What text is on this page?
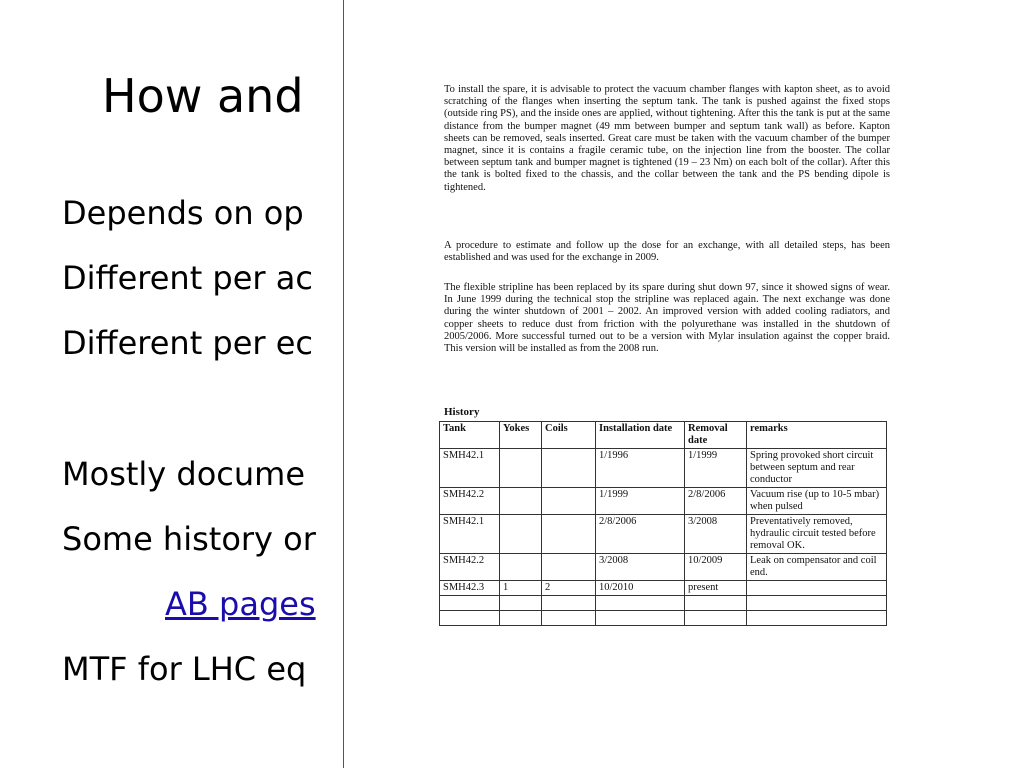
How and
Depends on op
Different per ac
Different per ec
Mostly docume
Some history or
AB pages
MTF for LHC eq

To install the spare, it is advisable to protect the vacuum chamber flanges with kapton sheet, as to avoid scratching of the flanges when inserting the septum tank. The tank is pushed against the fixed stops (outside ring PS), and the inside ones are applied, without tightening. After this the tank is put at the same distance from the bumper magnet (49 mm between bumper and septum tank wall) as before. Kapton sheets can be removed, seals inserted. Great care must be taken with the vacuum chamber of the bumper magnet, since it is contains a fragile ceramic tube, on the injection line from the booster. The collar between septum tank and bumper magnet is tightened (19 – 23 Nm) on each bolt of the collar). After this the tank is bolted fixed to the chassis, and the collar between the tank and the PS bending dipole is tightened.

A procedure to estimate and follow up the dose for an exchange, with all detailed steps, has been established and was used for the exchange in 2009.

The flexible stripline has been replaced by its spare during shut down 97, since it showed signs of wear. In June 1999 during the technical stop the stripline was replaced again. The next exchange was done during the winter shutdown of 2001 – 2002. An improved version with added cooling radiators, and copper sheets to reduce dust from friction with the polyurethane was installed in the shutdown of 2005/2006. More successful turned out to be a version with Mylar insulation against the copper braid. This version will be installed as from the 2008 run.

History
Tank	Yokes	Coils	Installation date	Removal date	remarks
SMH42.1			1/1996	1/1999	Spring provoked short circuit between septum and rear conductor
SMH42.2			1/1999	2/8/2006	Vacuum rise (up to 10-5 mbar) when pulsed
SMH42.1			2/8/2006	3/2008	Preventatively removed, hydraulic circuit tested before removal OK.
SMH42.2			3/2008	10/2009	Leak on compensator and coil end.
SMH42.3	1	2	10/2010	present	
